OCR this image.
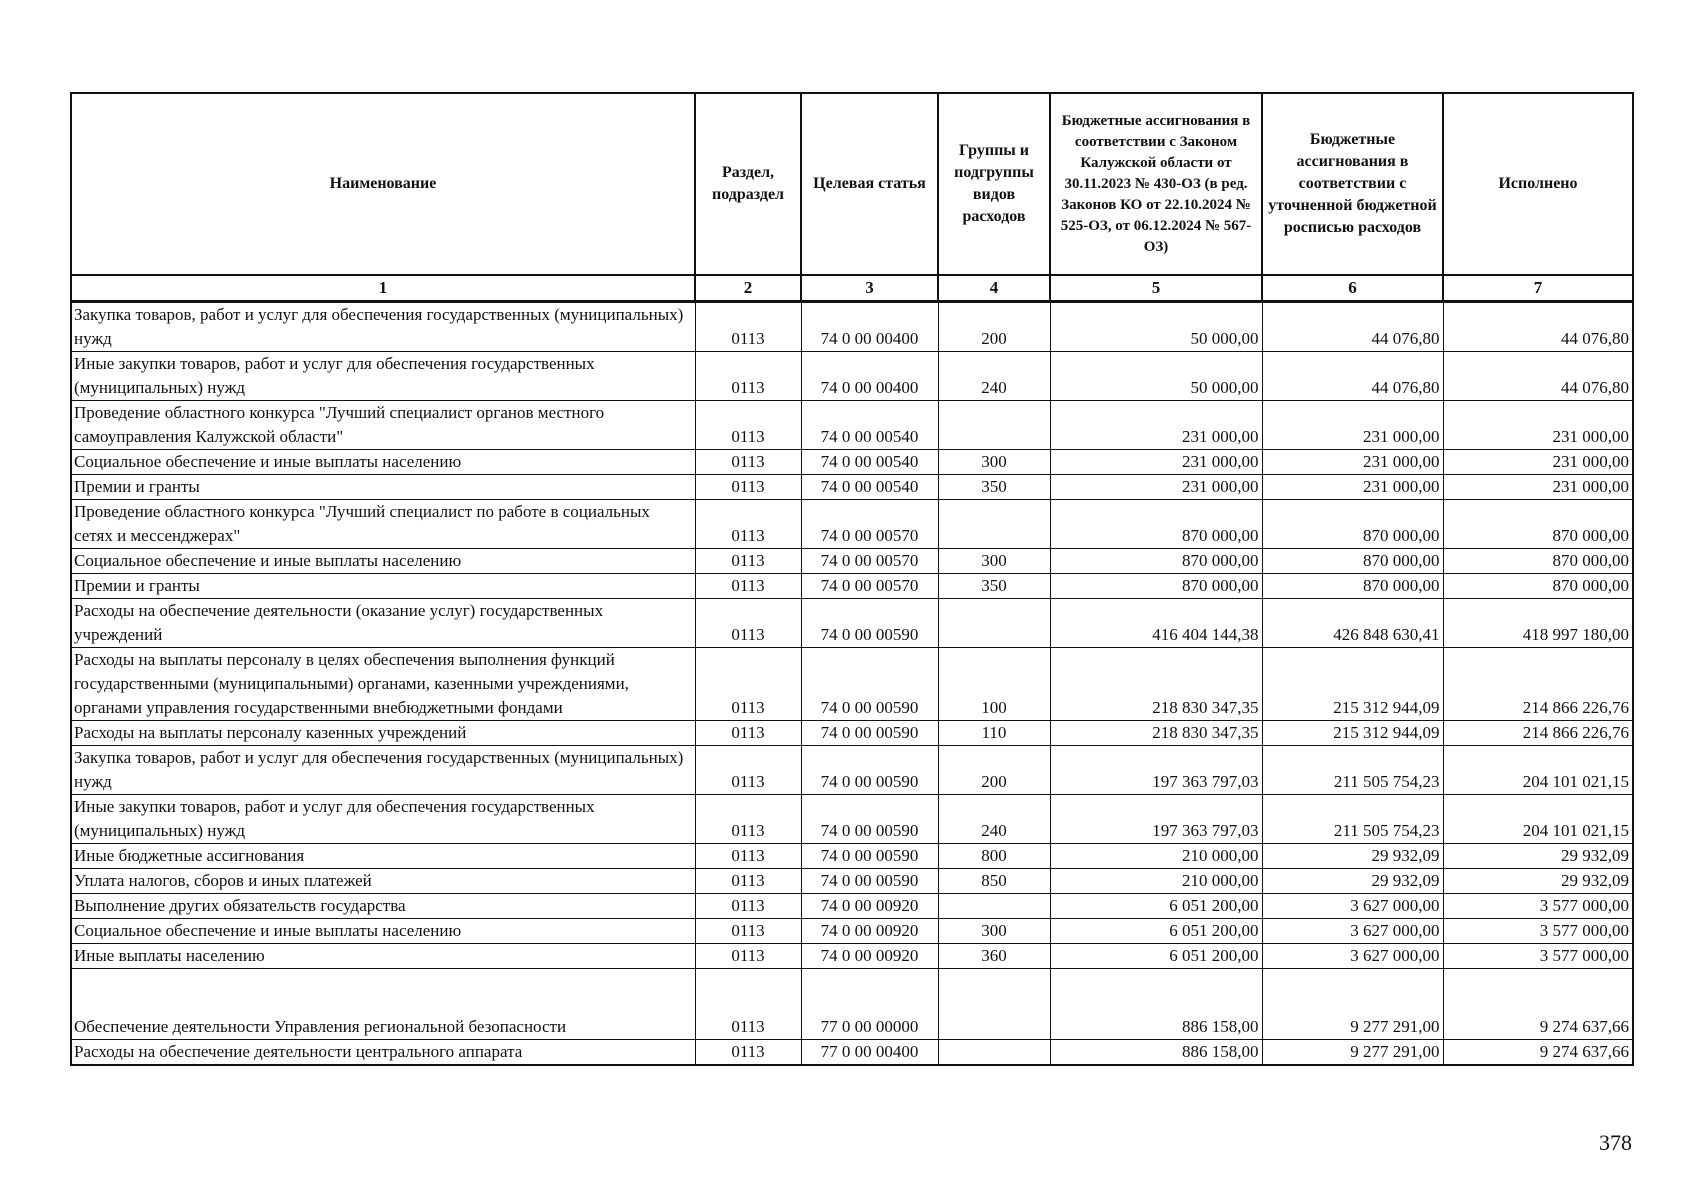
Наименование	Раздел, подраздел	Целевая статья	Группы и подгруппы видов расходов	Бюджетные ассигнования в соответствии с Законом Калужской области от 30.11.2023 № 430-ОЗ (в ред. Законов КО от 22.10.2024 № 525-ОЗ, от 06.12.2024 № 567-ОЗ)	Бюджетные ассигнования в соответствии с уточненной бюджетной росписью расходов	Исполнено
1	2	3	4	5	6	7
Закупка товаров, работ и услуг для обеспечения государственных (муниципальных) нужд	0113	74 0 00 00400	200	50 000,00	44 076,80	44 076,80
Иные закупки товаров, работ и услуг для обеспечения государственных (муниципальных) нужд	0113	74 0 00 00400	240	50 000,00	44 076,80	44 076,80
Проведение областного конкурса "Лучший специалист органов местного самоуправления Калужской области"	0113	74 0 00 00540		231 000,00	231 000,00	231 000,00
Социальное обеспечение и иные выплаты населению	0113	74 0 00 00540	300	231 000,00	231 000,00	231 000,00
Премии и гранты	0113	74 0 00 00540	350	231 000,00	231 000,00	231 000,00
Проведение областного конкурса "Лучший специалист по работе в социальных сетях и мессенджерах"	0113	74 0 00 00570		870 000,00	870 000,00	870 000,00
Социальное обеспечение и иные выплаты населению	0113	74 0 00 00570	300	870 000,00	870 000,00	870 000,00
Премии и гранты	0113	74 0 00 00570	350	870 000,00	870 000,00	870 000,00
Расходы на обеспечение деятельности (оказание услуг) государственных учреждений	0113	74 0 00 00590		416 404 144,38	426 848 630,41	418 997 180,00
Расходы на выплаты персоналу в целях обеспечения выполнения функций государственными (муниципальными) органами, казенными учреждениями, органами управления государственными внебюджетными фондами	0113	74 0 00 00590	100	218 830 347,35	215 312 944,09	214 866 226,76
Расходы на выплаты персоналу казенных учреждений	0113	74 0 00 00590	110	218 830 347,35	215 312 944,09	214 866 226,76
Закупка товаров, работ и услуг для обеспечения государственных (муниципальных) нужд	0113	74 0 00 00590	200	197 363 797,03	211 505 754,23	204 101 021,15
Иные закупки товаров, работ и услуг для обеспечения государственных (муниципальных) нужд	0113	74 0 00 00590	240	197 363 797,03	211 505 754,23	204 101 021,15
Иные бюджетные ассигнования	0113	74 0 00 00590	800	210 000,00	29 932,09	29 932,09
Уплата налогов, сборов и иных платежей	0113	74 0 00 00590	850	210 000,00	29 932,09	29 932,09
Выполнение других обязательств государства	0113	74 0 00 00920		6 051 200,00	3 627 000,00	3 577 000,00
Социальное обеспечение и иные выплаты населению	0113	74 0 00 00920	300	6 051 200,00	3 627 000,00	3 577 000,00
Иные выплаты населению	0113	74 0 00 00920	360	6 051 200,00	3 627 000,00	3 577 000,00
Обеспечение деятельности Управления региональной безопасности	0113	77 0 00 00000		886 158,00	9 277 291,00	9 274 637,66
Расходы на обеспечение деятельности центрального аппарата	0113	77 0 00 00400		886 158,00	9 277 291,00	9 274 637,66
378
